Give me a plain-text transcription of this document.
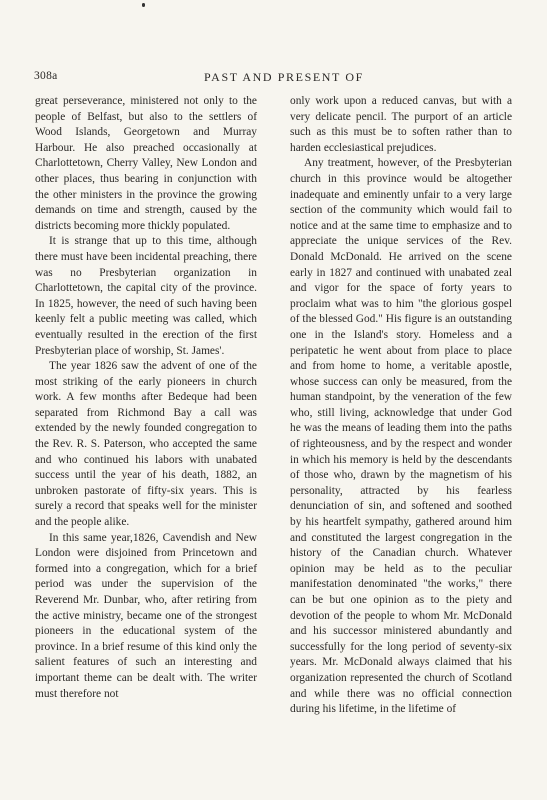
308a	PAST AND PRESENT OF

great perseverance, ministered not only to the people of Belfast, but also to the settlers of Wood Islands, Georgetown and Murray Harbour. He also preached occasionally at Charlottetown, Cherry Valley, New London and other places, thus bearing in conjunction with the other ministers in the province the growing demands on time and strength, caused by the districts becoming more thickly populated.

It is strange that up to this time, although there must have been incidental preaching, there was no Presbyterian organization in Charlottetown, the capital city of the province. In 1825, however, the need of such having been keenly felt a public meeting was called, which eventually resulted in the erection of the first Presbyterian place of worship, St. James'.

The year 1826 saw the advent of one of the most striking of the early pioneers in church work. A few months after Bedeque had been separated from Richmond Bay a call was extended by the newly founded congregation to the Rev. R. S. Paterson, who accepted the same and who continued his labors with unabated success until the year of his death, 1882, an unbroken pastorate of fifty-six years. This is surely a record that speaks well for the minister and the people alike.

In this same year,1826, Cavendish and New London were disjoined from Princetown and formed into a congregation, which for a brief period was under the supervision of the Reverend Mr. Dunbar, who, after retiring from the active ministry, became one of the strongest pioneers in the educational system of the province. In a brief resume of this kind only the salient features of such an interesting and important theme can be dealt with. The writer must therefore not

only work upon a reduced canvas, but with a very delicate pencil. The purport of an article such as this must be to soften rather than to harden ecclesiastical prejudices.

Any treatment, however, of the Presbyterian church in this province would be altogether inadequate and eminently unfair to a very large section of the community which would fail to notice and at the same time to emphasize and to appreciate the unique services of the Rev. Donald McDonald. He arrived on the scene early in 1827 and continued with unabated zeal and vigor for the space of forty years to proclaim what was to him "the glorious gospel of the blessed God." His figure is an outstanding one in the Island's story. Homeless and a peripatetic he went about from place to place and from home to home, a veritable apostle, whose success can only be measured, from the human standpoint, by the veneration of the few who, still living, acknowledge that under God he was the means of leading them into the paths of righteousness, and by the respect and wonder in which his memory is held by the descendants of those who, drawn by the magnetism of his personality, attracted by his fearless denunciation of sin, and softened and soothed by his heartfelt sympathy, gathered around him and constituted the largest congregation in the history of the Canadian church. Whatever opinion may be held as to the peculiar manifestation denominated "the works," there can be but one opinion as to the piety and devotion of the people to whom Mr. McDonald and his successor ministered abundantly and successfully for the long period of seventy-six years. Mr. McDonald always claimed that his organization represented the church of Scotland and while there was no official connection during his lifetime, in the lifetime of
